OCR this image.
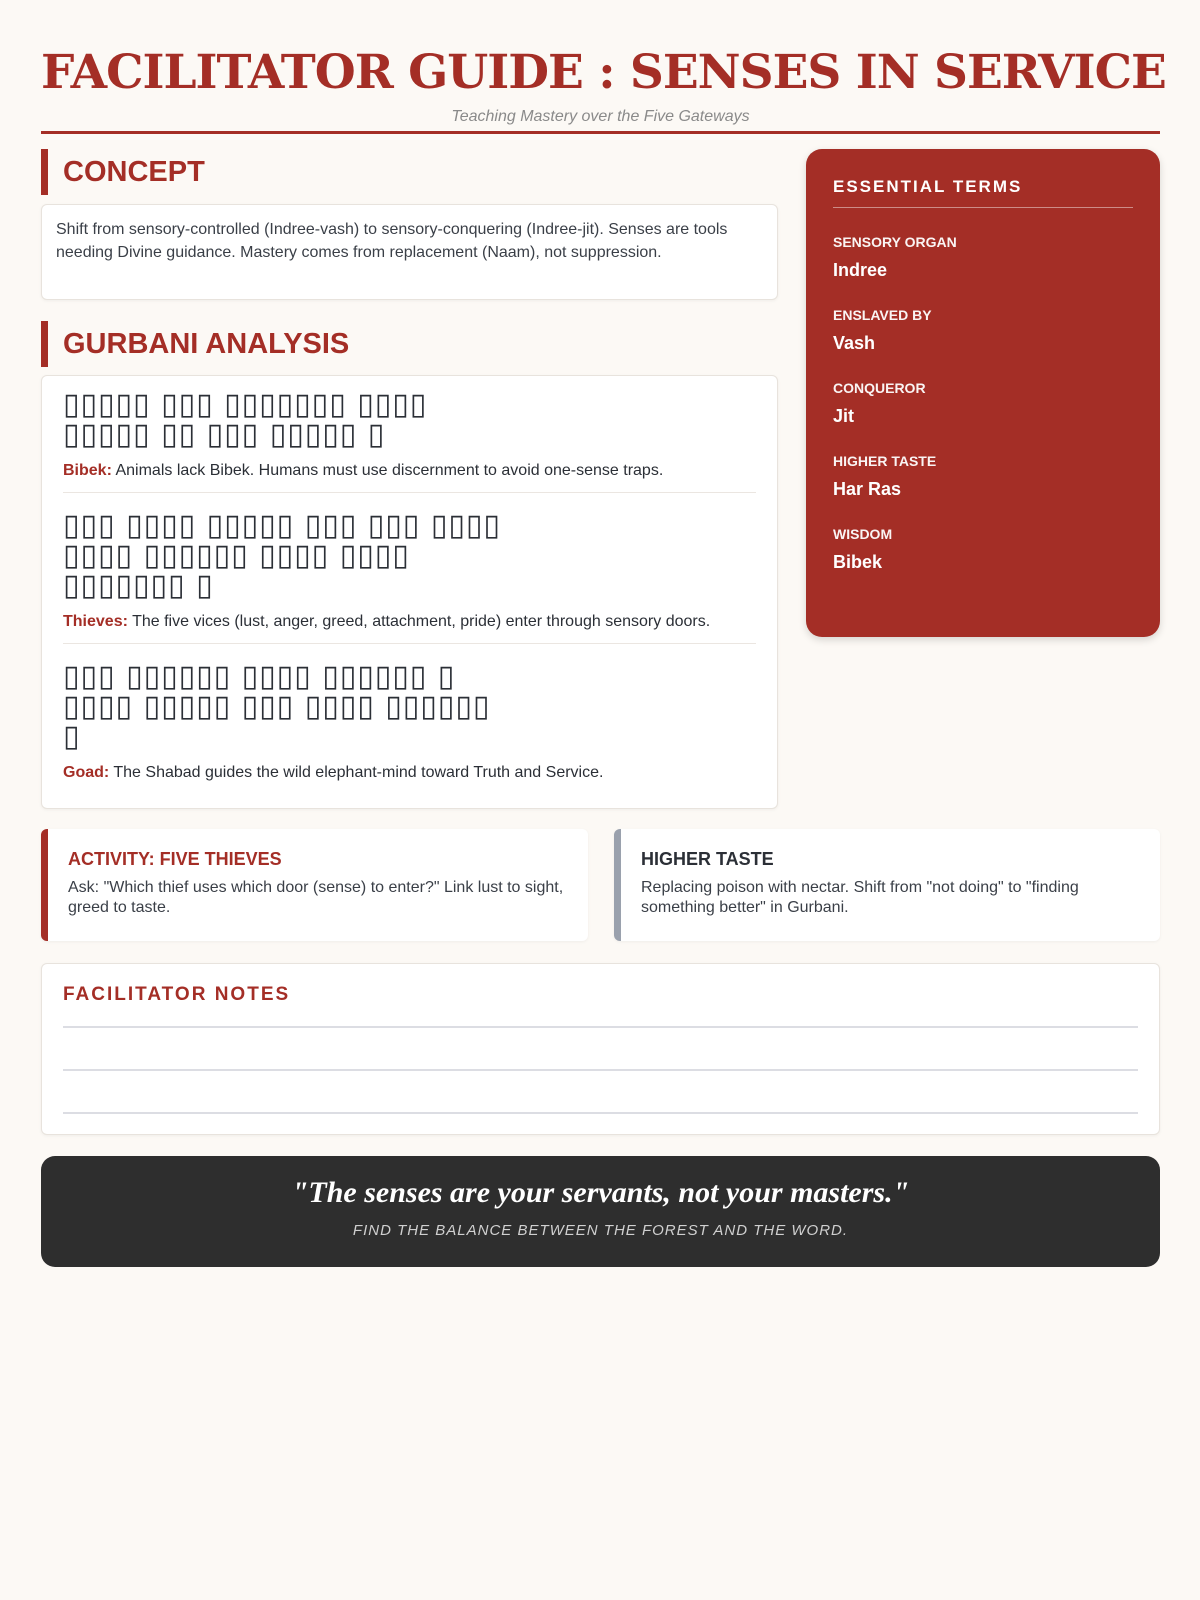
FACILITATOR GUIDE : SENSES IN SERVICE
Teaching Mastery over the Five Gateways
CONCEPT
Shift from sensory-controlled (Indree-vash) to sensory-conquering (Indree-jit). Senses are tools needing Divine guidance. Mastery comes from replacement (Naam), not suppression.
GURBANI ANALYSIS
▯▯▯▯▯ ▯▯▯ ▯▯▯▯▯▯▯ ▯▯▯▯
▯▯▯▯▯ ▯▯ ▯▯▯ ▯▯▯▯▯ ▯
Bibek: Animals lack Bibek. Humans must use discernment to avoid one-sense traps.
▯▯▯ ▯▯▯▯ ▯▯▯▯▯ ▯▯▯ ▯▯▯ ▯▯▯▯
▯▯▯▯ ▯▯▯▯▯▯ ▯▯▯▯ ▯▯▯▯
▯▯▯▯▯▯▯ ▯
Thieves: The five vices (lust, anger, greed, attachment, pride) enter through sensory doors.
▯▯▯ ▯▯▯▯▯▯ ▯▯▯▯ ▯▯▯▯▯▯ ▯
▯▯▯▯ ▯▯▯▯▯ ▯▯▯ ▯▯▯▯ ▯▯▯▯▯▯
▯
Goad: The Shabad guides the wild elephant-mind toward Truth and Service.
ESSENTIAL TERMS
SENSORY ORGAN
Indree
ENSLAVED BY
Vash
CONQUEROR
Jit
HIGHER TASTE
Har Ras
WISDOM
Bibek
ACTIVITY: FIVE THIEVES
Ask: "Which thief uses which door (sense) to enter?" Link lust to sight, greed to taste.
HIGHER TASTE
Replacing poison with nectar. Shift from "not doing" to "finding something better" in Gurbani.
FACILITATOR NOTES
"The senses are your servants, not your masters."
FIND THE BALANCE BETWEEN THE FOREST AND THE WORD.
